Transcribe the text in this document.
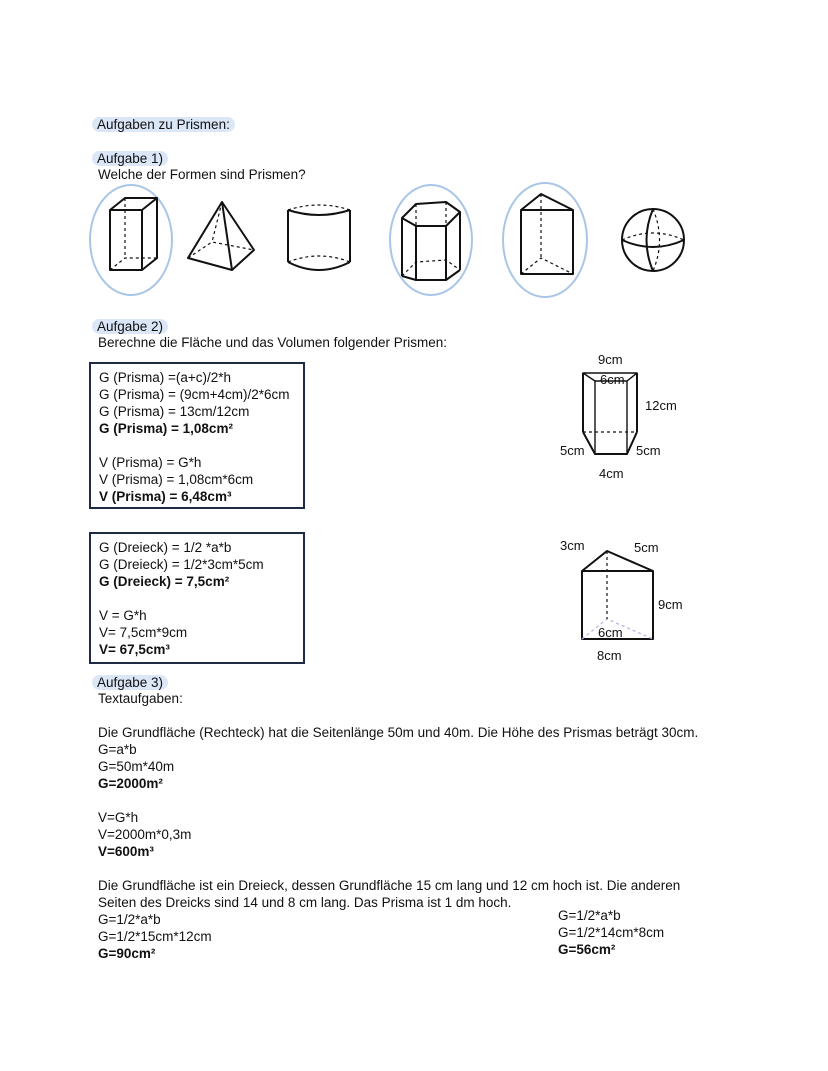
Aufgaben zu Prismen:
Aufgabe 1)
Welche der Formen sind Prismen?
Aufgabe 2)
Berechne die Fläche und das Volumen folgender Prismen:
G (Prisma) =(a+c)/2*h
G (Prisma) = (9cm+4cm)/2*6cm
G (Prisma) = 13cm/12cm
G (Prisma) = 1,08cm²
V (Prisma) = G*h
V (Prisma) = 1,08cm*6cm
V (Prisma) = 6,48cm³
G (Dreieck) = 1/2 *a*b
G (Dreieck) = 1/2*3cm*5cm
G (Dreieck) = 7,5cm²
V = G*h
V= 7,5cm*9cm
V= 67,5cm³
9cm
6cm
12cm
5cm	5cm
4cm
3cm	5cm
9cm
6cm
8cm
Aufgabe 3)
Textaufgaben:
Die Grundfläche (Rechteck) hat die Seitenlänge 50m und 40m. Die Höhe des Prismas beträgt 30cm.
G=a*b
G=50m*40m
G=2000m²
V=G*h
V=2000m*0,3m
V=600m³
Die Grundfläche ist ein Dreieck, dessen Grundfläche 15 cm lang und 12 cm hoch ist. Die anderen
Seiten des Dreicks sind 14 und 8 cm lang. Das Prisma ist 1 dm hoch.
G=1/2*a*b
G=1/2*15cm*12cm
G=90cm²
G=1/2*a*b
G=1/2*14cm*8cm
G=56cm²
